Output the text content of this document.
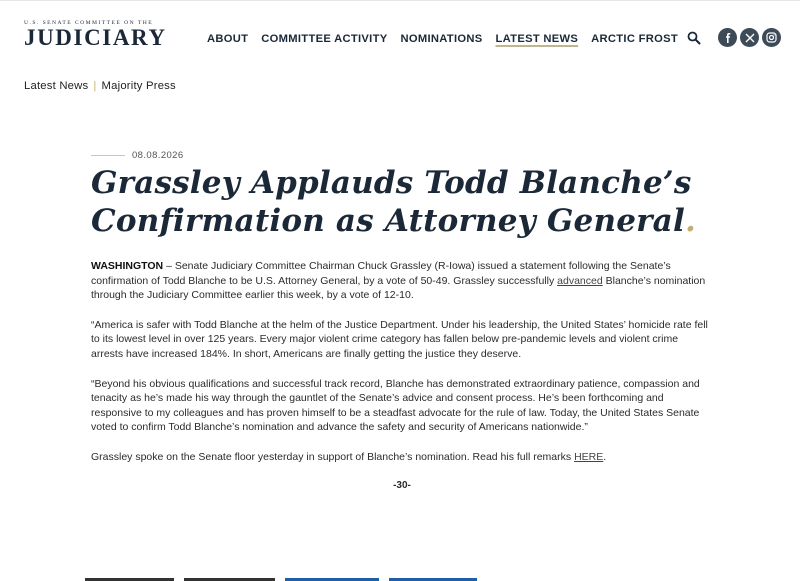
U.S. SENATE COMMITTEE ON THE
JUDICIARY	ABOUT COMMITTEE ACTIVITY NOMINATIONS LATEST NEWS ARCTIC FROST
Latest News | Majority Press
08.08.2026
Grassley Applauds Todd Blanche’s
Confirmation as Attorney General.

WASHINGTON – Senate Judiciary Committee Chairman Chuck Grassley (R-Iowa) issued a statement following the Senate’s confirmation of Todd Blanche to be U.S. Attorney General, by a vote of 50-49. Grassley successfully advanced Blanche’s nomination through the Judiciary Committee earlier this week, by a vote of 12-10.

“America is safer with Todd Blanche at the helm of the Justice Department. Under his leadership, the United States’ homicide rate fell to its lowest level in over 125 years. Every major violent crime category has fallen below pre-pandemic levels and violent crime arrests have increased 184%. In short, Americans are finally getting the justice they deserve.

“Beyond his obvious qualifications and successful track record, Blanche has demonstrated extraordinary patience, compassion and tenacity as he’s made his way through the gauntlet of the Senate’s advice and consent process. He’s been forthcoming and responsive to my colleagues and has proven himself to be a steadfast advocate for the rule of law. Today, the United States Senate voted to confirm Todd Blanche’s nomination and advance the safety and security of Americans nationwide.”

Grassley spoke on the Senate floor yesterday in support of Blanche’s nomination. Read his full remarks HERE.

-30-
